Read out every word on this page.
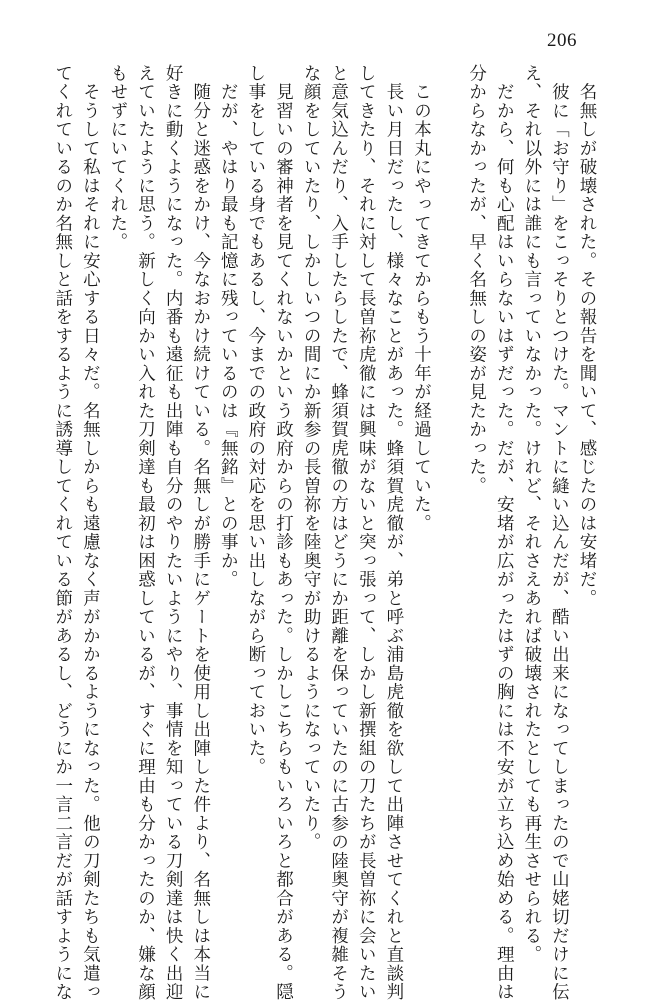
206
　名無しが破壊された。その報告を聞いて、感じたのは安堵だ。
　彼に「お守り」をこっそりとつけた。マントに縫い込んだが、酷い出来になってしまったので山姥切だけに伝
え、それ以外には誰にも言っていなかった。けれど、それさえあれば破壊されたとしても再生させられる。
　だから、何も心配はいらないはずだった。だが、安堵が広がったはずの胸には不安が立ち込め始める。理由は
分からなかったが、早く名無しの姿が見たかった。
　この本丸にやってきてからもう十年が経過していた。
　長い月日だったし、様々なことがあった。蜂須賀虎徹が、弟と呼ぶ浦島虎徹を欲して出陣させてくれと直談判
してきたり、それに対して長曽祢虎徹には興味がないと突っ張って、しかし新撰組の刀たちが長曽祢に会いたい
と意気込んだり、入手したらしたで、蜂須賀虎徹の方はどうにか距離を保っていたのに古参の陸奥守が複雑そう
な顔をしていたり、しかしいつの間にか新参の長曽祢を陸奥守が助けるようになっていたり。
　見習いの審神者を見てくれないかという政府からの打診もあった。しかしこちらもいろいろと都合がある。隠
し事をしている身でもあるし、今までの政府の対応を思い出しながら断っておいた。
　だが、やはり最も記憶に残っているのは『無銘』との事か。
　随分と迷惑をかけ、今なおかけ続けている。名無しが勝手にゲートを使用し出陣した件より、名無しは本当に
好きに動くようになった。内番も遠征も出陣も自分のやりたいようにやり、事情を知っている刀剣達は快く出迎
えていたように思う。新しく向かい入れた刀剣達も最初は困惑しているが、すぐに理由も分かったのか、嫌な顔
もせずにいてくれた。
　そうして私はそれに安心する日々だ。名無しからも遠慮なく声がかかるようになった。他の刀剣たちも気遣っ
てくれているのか名無しと話をするように誘導してくれている節があるし、どうにか一言二言だが話すようにな
